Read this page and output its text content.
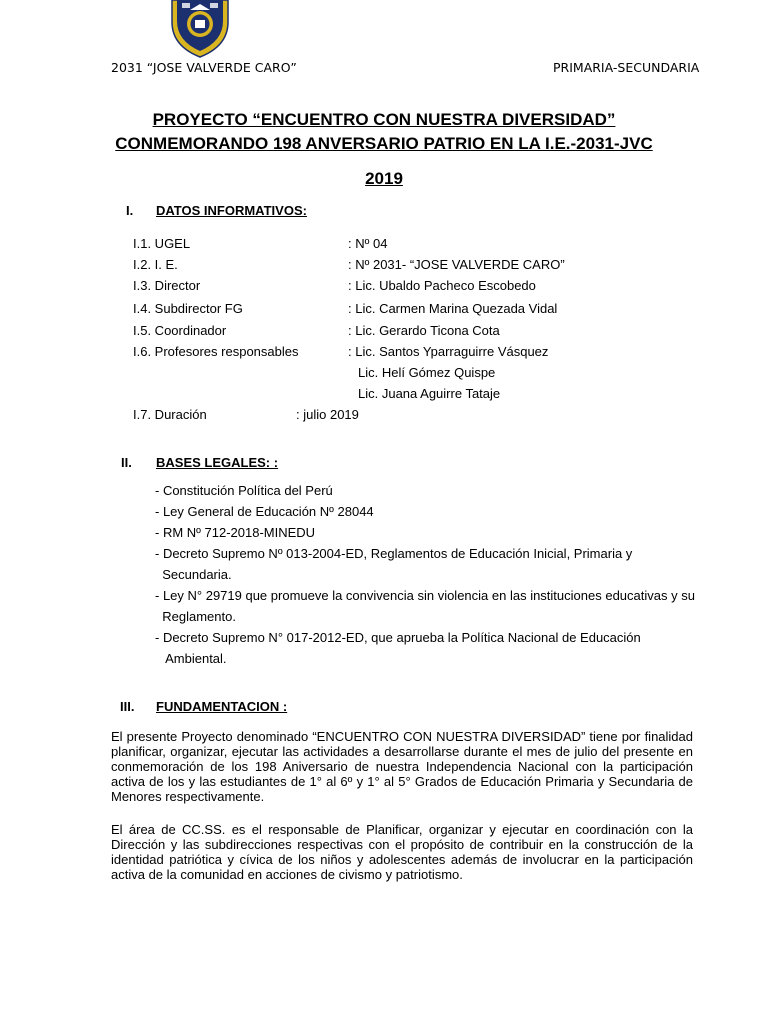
2031 “JOSE VALVERDE CARO”	PRIMARIA-SECUNDARIA
PROYECTO “ENCUENTRO CON NUESTRA DIVERSIDAD”
CONMEMORANDO 198 ANVERSARIO PATRIO EN LA I.E.-2031-JVC
2019
I. DATOS INFORMATIVOS:
I.1. UGEL	: Nº 04
I.2. I. E.	: Nº 2031- “JOSE VALVERDE CARO”
I.3. Director	: Lic. Ubaldo Pacheco Escobedo
I.4. Subdirector FG	: Lic. Carmen Marina Quezada Vidal
I.5. Coordinador	: Lic. Gerardo Ticona Cota
I.6. Profesores responsables	: Lic. Santos Yparraguirre Vásquez
Lic. Helí Gómez Quispe
Lic. Juana Aguirre Tataje
I.7. Duración	: julio 2019
II. BASES LEGALES: :
- Constitución Política del Perú
- Ley General de Educación Nº 28044
- RM Nº 712-2018-MINEDU
- Decreto Supremo Nº 013-2004-ED, Reglamentos de Educación Inicial, Primaria y
Secundaria.
- Ley N° 29719 que promueve la convivencia sin violencia en las instituciones educativas y su
Reglamento.
- Decreto Supremo N° 017-2012-ED, que aprueba la Política Nacional de Educación
Ambiental.
III. FUNDAMENTACION :
El presente Proyecto denominado “ENCUENTRO CON NUESTRA DIVERSIDAD” tiene por finalidad planificar, organizar, ejecutar las actividades a desarrollarse durante el mes de julio del presente en conmemoración de los 198 Aniversario de nuestra Independencia Nacional con la participación activa de los y las estudiantes de 1° al 6º y 1° al 5° Grados de Educación Primaria y Secundaria de Menores respectivamente.
El área de CC.SS. es el responsable de Planificar, organizar y ejecutar en coordinación con la Dirección y las subdirecciones respectivas con el propósito de contribuir en la construcción de la identidad patriótica y cívica de los niños y adolescentes además de involucrar en la participación activa de la comunidad en acciones de civismo y patriotismo.
